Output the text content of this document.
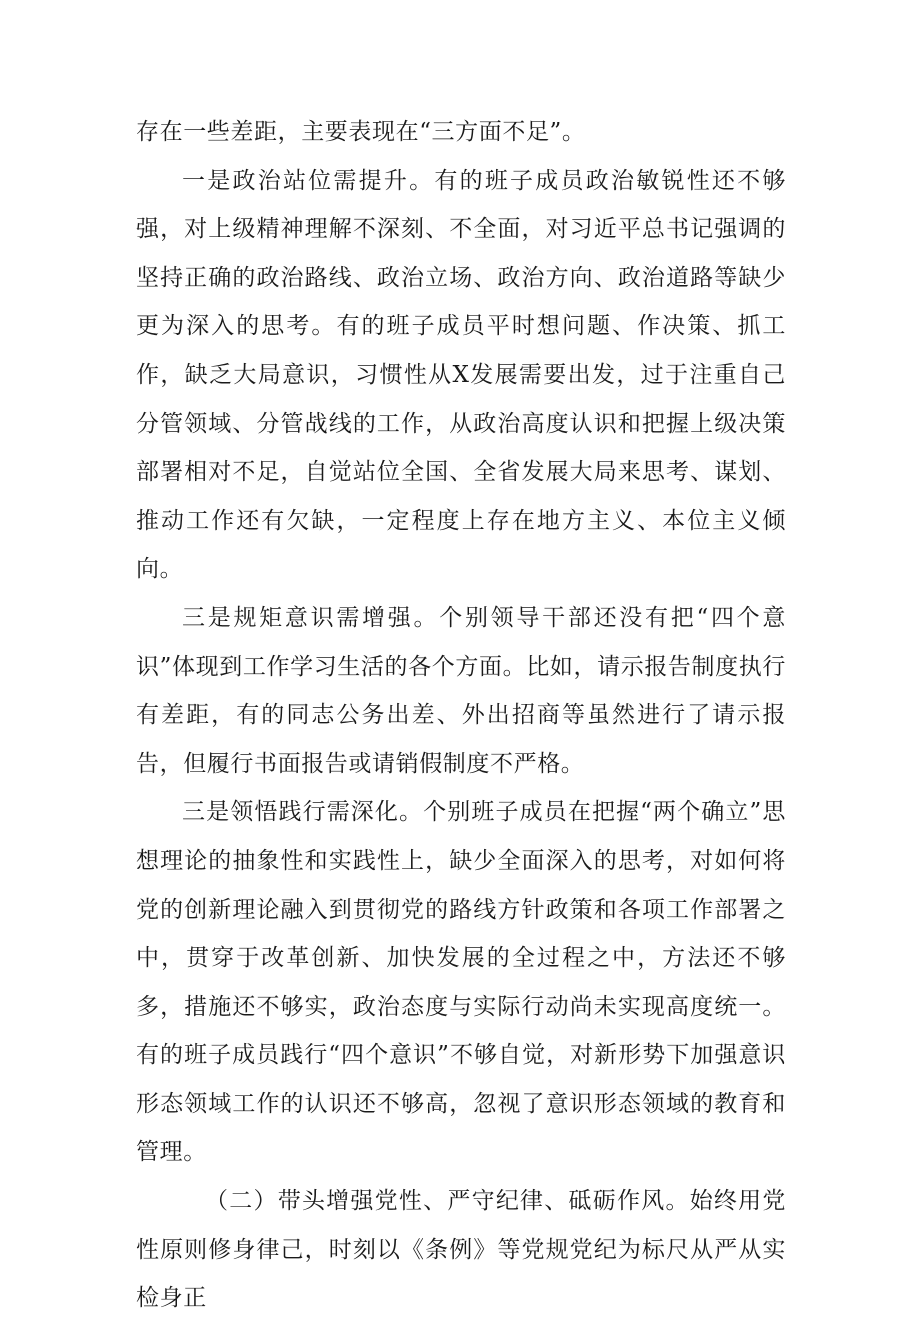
存在一些差距，主要表现在“三方面不足”。

一是政治站位需提升。有的班子成员政治敏锐性还不够强，对上级精神理解不深刻、不全面，对习近平总书记强调的坚持正确的政治路线、政治立场、政治方向、政治道路等缺少更为深入的思考。有的班子成员平时想问题、作决策、抓工作，缺乏大局意识，习惯性从X发展需要出发，过于注重自己分管领域、分管战线的工作，从政治高度认识和把握上级决策部署相对不足，自觉站位全国、全省发展大局来思考、谋划、推动工作还有欠缺，一定程度上存在地方主义、本位主义倾向。

三是规矩意识需增强。个别领导干部还没有把“四个意识”体现到工作学习生活的各个方面。比如，请示报告制度执行有差距，有的同志公务出差、外出招商等虽然进行了请示报告，但履行书面报告或请销假制度不严格。

三是领悟践行需深化。个别班子成员在把握“两个确立”思想理论的抽象性和实践性上，缺少全面深入的思考，对如何将党的创新理论融入到贯彻党的路线方针政策和各项工作部署之中，贯穿于改革创新、加快发展的全过程之中，方法还不够多，措施还不够实，政治态度与实际行动尚未实现高度统一。有的班子成员践行“四个意识”不够自觉，对新形势下加强意识形态领域工作的认识还不够高，忽视了意识形态领域的教育和管理。

（二）带头增强党性、严守纪律、砥砺作风。始终用党性原则修身律己，时刻以《条例》等党规党纪为标尺从严从实检身正
